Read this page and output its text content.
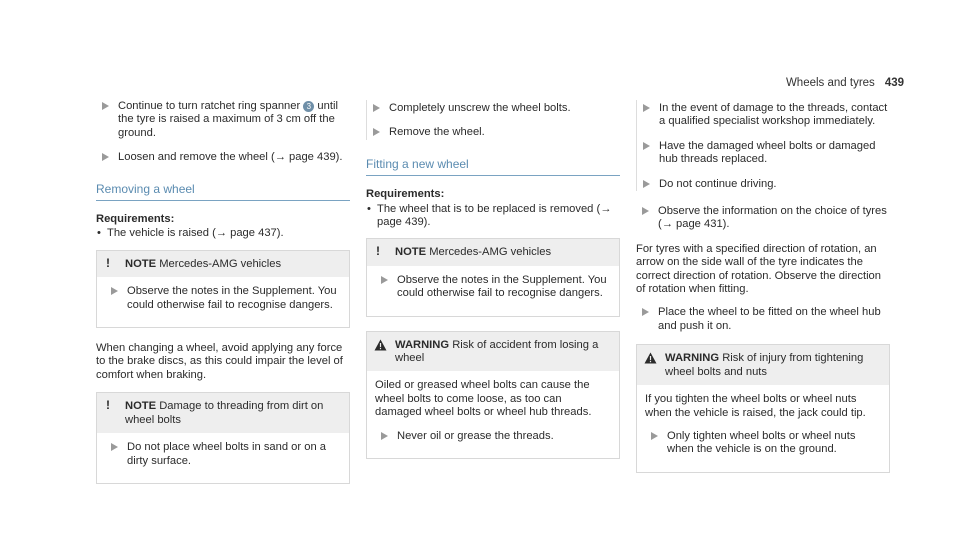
Wheels and tyres 439
Continue to turn ratchet ring spanner 3 until the tyre is raised a maximum of 3 cm off the ground.
Loosen and remove the wheel (→ page 439).
Removing a wheel
Requirements:
• The vehicle is raised (→ page 437).
! NOTE Mercedes-AMG vehicles
Observe the notes in the Supplement. You could otherwise fail to recognise dangers.

When changing a wheel, avoid applying any force to the brake discs, as this could impair the level of comfort when braking.

! NOTE Damage to threading from dirt on wheel bolts
Do not place wheel bolts in sand or on a dirty surface.
Completely unscrew the wheel bolts.
Remove the wheel.
Fitting a new wheel
Requirements:
• The wheel that is to be replaced is removed (→ page 439).
! NOTE Mercedes-AMG vehicles
Observe the notes in the Supplement. You could otherwise fail to recognise dangers.
WARNING Risk of accident from losing a wheel

Oiled or greased wheel bolts can cause the wheel bolts to come loose, as too can damaged wheel bolts or wheel hub threads.

Never oil or grease the threads.
In the event of damage to the threads, contact a qualified specialist workshop immediately.
Have the damaged wheel bolts or damaged hub threads replaced.
Do not continue driving.
Observe the information on the choice of tyres (→ page 431).

For tyres with a specified direction of rotation, an arrow on the side wall of the tyre indicates the correct direction of rotation. Observe the direction of rotation when fitting.

Place the wheel to be fitted on the wheel hub and push it on.
WARNING Risk of injury from tightening wheel bolts and nuts

If you tighten the wheel bolts or wheel nuts when the vehicle is raised, the jack could tip.

Only tighten wheel bolts or wheel nuts when the vehicle is on the ground.
